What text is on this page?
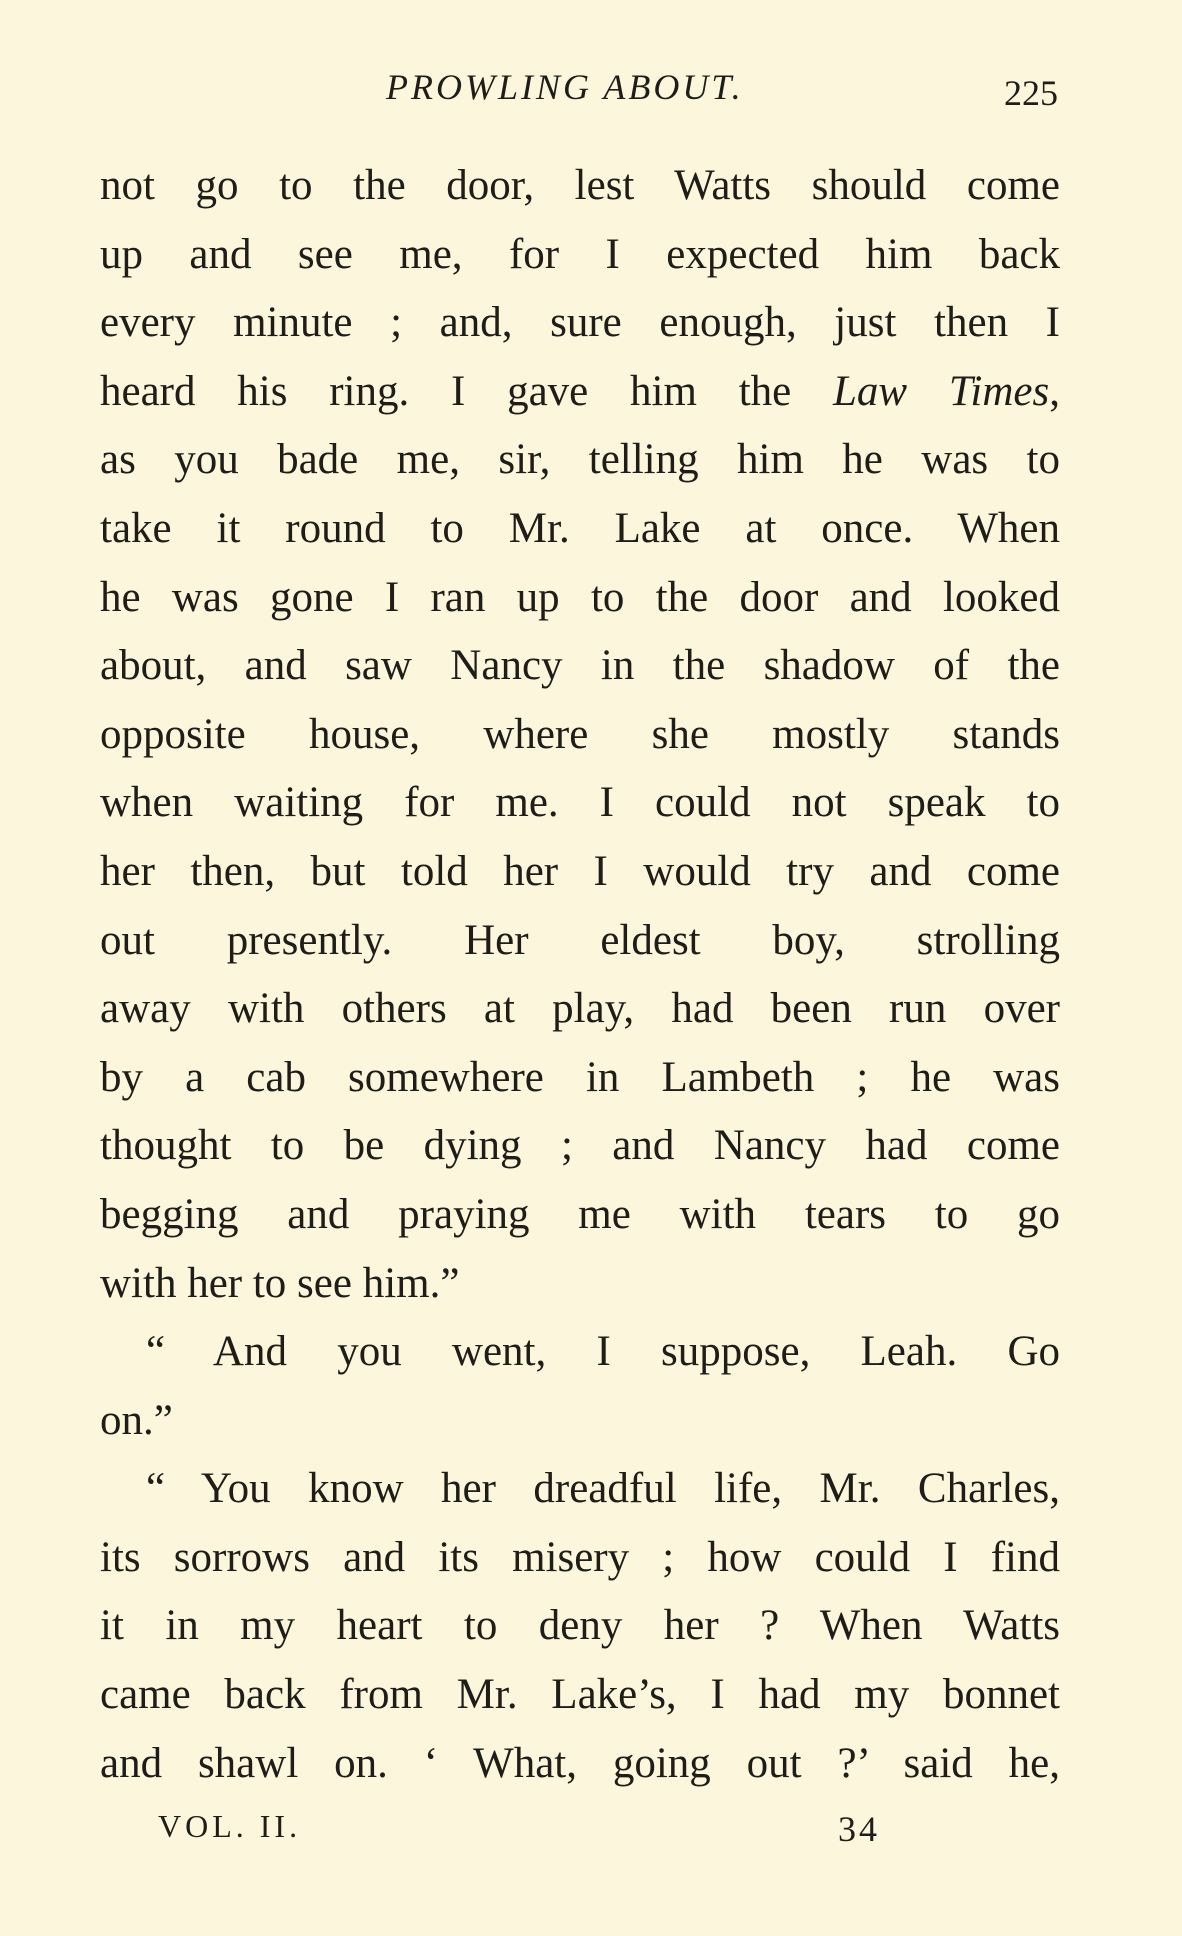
PROWLING ABOUT.	225
not go to the door, lest Watts should come
up and see me, for I expected him back
every minute ; and, sure enough, just then I
heard his ring. I gave him the Law Times,
as you bade me, sir, telling him he was to
take it round to Mr. Lake at once. When
he was gone I ran up to the door and looked
about, and saw Nancy in the shadow of the
opposite house, where she mostly stands
when waiting for me. I could not speak to
her then, but told her I would try and come
out presently. Her eldest boy, strolling
away with others at play, had been run over
by a cab somewhere in Lambeth ; he was
thought to be dying ; and Nancy had come
begging and praying me with tears to go
with her to see him.”
“ And you went, I suppose, Leah. Go
on.”
“ You know her dreadful life, Mr. Charles,
its sorrows and its misery ; how could I find
it in my heart to deny her ? When Watts
came back from Mr. Lake’s, I had my bonnet
and shawl on. ‘ What, going out ?’ said he,
VOL. II.	34
